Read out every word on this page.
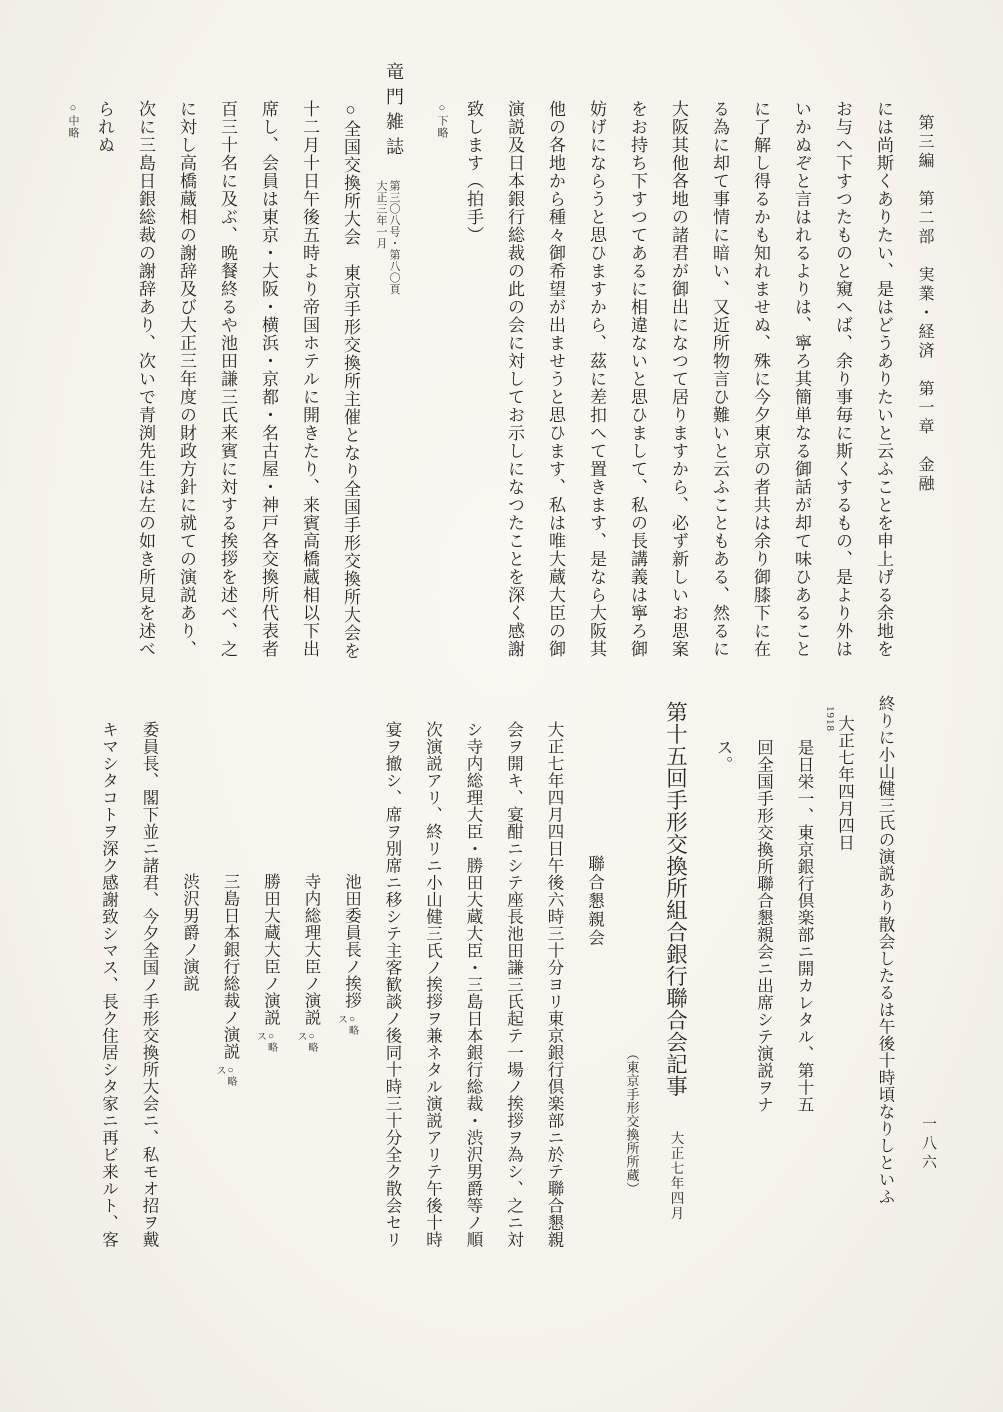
第三編　第二部　実業・経済　第一章　金融
には尚斯くありたい、是はどうありたいと云ふことを申上げる余地を
お与へ下すつたものと窺へば、余り事毎に斯くするもの、是より外は
いかぬぞと言はれるよりは、寧ろ其簡単なる御話が却て味ひあること
に了解し得るかも知れませぬ、殊に今夕東京の者共は余り御膝下に在
る為に却て事情に暗い、又近所物言ひ難いと云ふこともある、然るに
大阪其他各地の諸君が御出になつて居りますから、必ず新しいお思案
をお持ち下すつてあるに相違ないと思ひまして、私の長講義は寧ろ御
妨げにならうと思ひますから、茲に差扣へて置きます、是なら大阪其
他の各地から種々御希望が出ませうと思ひます、私は唯大蔵大臣の御
演説及日本銀行総裁の此の会に対してお示しになつたことを深く感謝
致します（拍手）
○下略
竜門雑誌
第三〇八号・第八〇頁
大正三年一月
○全国交換所大会　東京手形交換所主催となり全国手形交換所大会を
十二月十日午後五時より帝国ホテルに開きたり、来賓高橋蔵相以下出
席し、会員は東京・大阪・横浜・京都・名古屋・神戸各交換所代表者
百三十名に及ぶ、晩餐終るや池田謙三氏来賓に対する挨拶を述べ、之
に対し高橋蔵相の謝辞及び大正三年度の財政方針に就ての演説あり、
次に三島日銀総裁の謝辞あり、次いで青渕先生は左の如き所見を述べ
られぬ
○中略
終りに小山健三氏の演説あり散会したるは午後十時頃なりしといふ
大正七年四月四日
是日栄一、東京銀行倶楽部ニ開カレタル、第十五
回全国手形交換所聯合懇親会ニ出席シテ演説ヲナ
ス。
第十五回手形交換所組合銀行聯合会記事大正七年四月
（東京手形交換所所蔵）
聯合懇親会
大正七年四月四日午後六時三十分ヨリ東京銀行倶楽部ニ於テ聯合懇親
会ヲ開キ、宴酣ニシテ座長池田謙三氏起テ一場ノ挨拶ヲ為シ、之ニ対
シ寺内総理大臣・勝田大蔵大臣・三島日本銀行総裁・渋沢男爵等ノ順
次演説アリ、終リニ小山健三氏ノ挨拶ヲ兼ネタル演説アリテ午後十時
宴ヲ撤シ、席ヲ別席ニ移シテ主客歓談ノ後同十時三十分全ク散会セリ
池田委員長ノ挨拶
○略
ス
寺内総理大臣ノ演説
○略
ス
勝田大蔵大臣ノ演説
○略
ス
三島日本銀行総裁ノ演説
○略
ス
渋沢男爵ノ演説
委員長、閣下並ニ諸君、今夕全国ノ手形交換所大会ニ、私モオ招ヲ戴
キマシタコトヲ深ク感謝致シマス、長ク住居シタ家ニ再ビ来ルト、客
1918
一八六
